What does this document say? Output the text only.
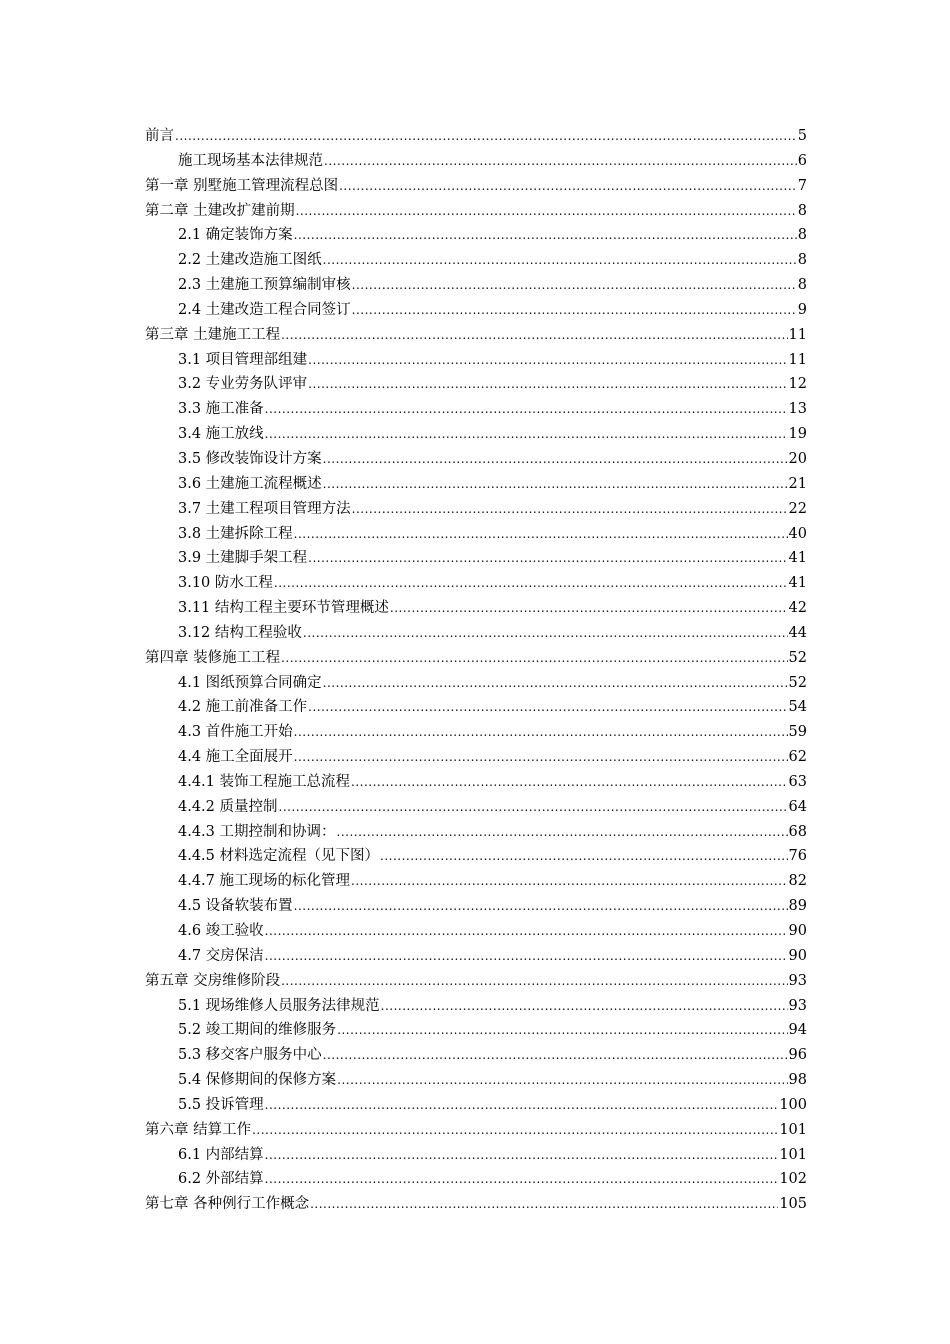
前言 .....	5
施工现场基本法律规范 .....	6
第一章 别墅施工管理流程总图 .....	7
第二章 土建改扩建前期 .....	8
2.1 确定装饰方案 .....	8
2.2 土建改造施工图纸 .....	8
2.3 土建施工预算编制审核 .....	8
2.4 土建改造工程合同签订 .....	9
第三章 土建施工工程 .....	11
3.1 项目管理部组建 .....	11
3.2 专业劳务队评审 .....	12
3.3 施工准备 .....	13
3.4 施工放线 .....	19
3.5 修改装饰设计方案 .....	20
3.6 土建施工流程概述 .....	21
3.7 土建工程项目管理方法 .....	22
3.8 土建拆除工程 .....	40
3.9 土建脚手架工程 .....	41
3.10 防水工程 .....	41
3.11 结构工程主要环节管理概述 .....	42
3.12 结构工程验收 .....	44
第四章 装修施工工程 .....	52
4.1 图纸预算合同确定 .....	52
4.2 施工前准备工作 .....	54
4.3 首件施工开始 .....	59
4.4 施工全面展开 .....	62
4.4.1 装饰工程施工总流程 .....	63
4.4.2 质量控制 .....	64
4.4.3 工期控制和协调： .....	68
4.4.5 材料选定流程（见下图） .....	76
4.4.7 施工现场的标化管理 .....	82
4.5 设备软装布置 .....	89
4.6 竣工验收 .....	90
4.7 交房保洁 .....	90
第五章 交房维修阶段 .....	93
5.1 现场维修人员服务法律规范 .....	93
5.2 竣工期间的维修服务 .....	94
5.3 移交客户服务中心 .....	96
5.4 保修期间的保修方案 .....	98
5.5 投诉管理 .....	100
第六章 结算工作 .....	101
6.1 内部结算 .....	101
6.2 外部结算 .....	102
第七章 各种例行工作概念 .....	105
